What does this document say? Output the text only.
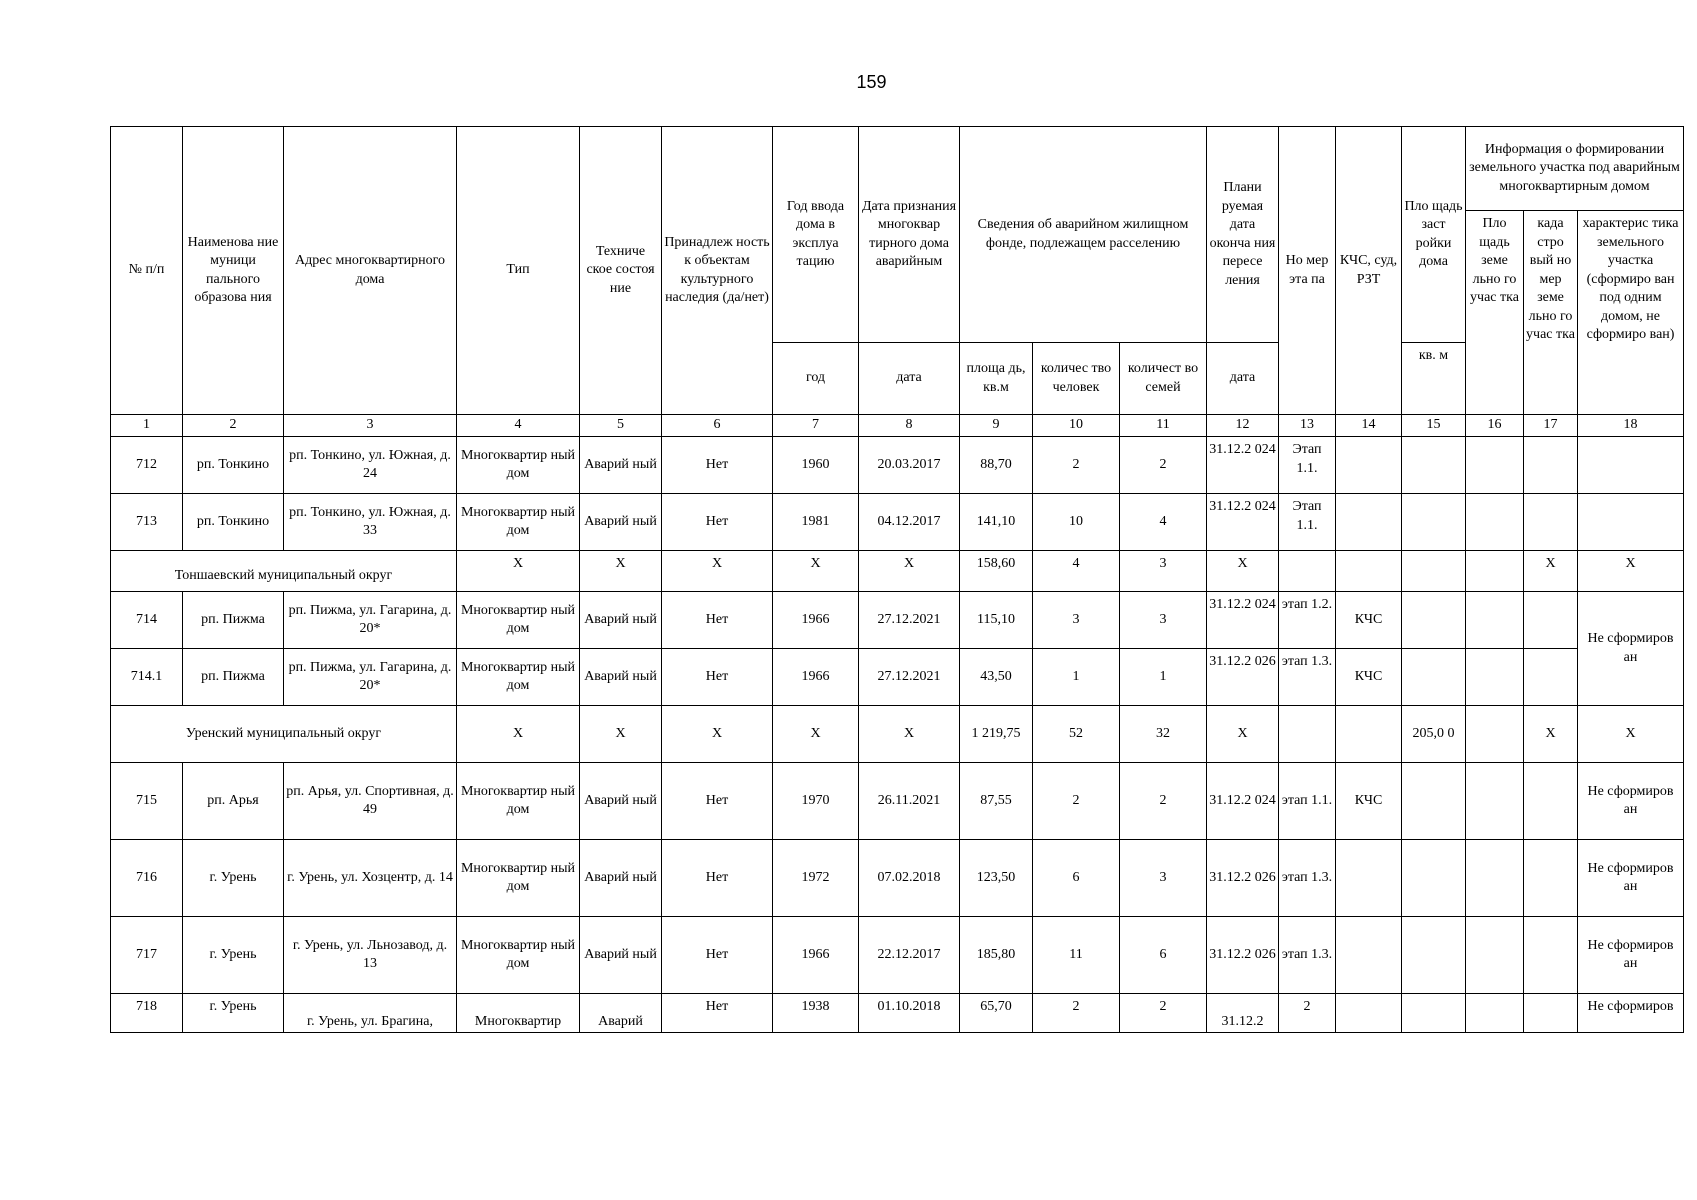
159
№ п/п	Наименова ние муници пального образова ния	Адрес многоквартирного дома	Тип	Техниче ское состоя ние	Принадлеж ность к объектам культурного наследия (да/нет)	Год ввода дома в эксплуа тацию	Дата признания многоквар тирного дома аварийным	Сведения об аварийном жилищном фонде, подлежащем расселению			Плани руемая дата оконча ния пересе ления	Но мер эта па	КЧС, суд, РЗТ	Пло щадь заст ройки дома	Информация о формировании земельного участка под аварийным многоквартирным домом		
															Пло щадь земе льно го учас тка	када стро вый но мер земе льно го учас тка	характерис тика земельного участка (сформиро ван под одним домом, не сформиро ван)
						год	дата	площа дь, кв.м	количес тво человек	количест во семей	дата			кв. м			
1	2	3	4	5	6	7	8	9	10	11	12	13	14	15	16	17	18
712	рп. Тонкино	рп. Тонкино, ул. Южная, д. 24	Многоквартир ный дом	Аварий ный	Нет	1960	20.03.2017	88,70	2	2	31.12.2 024	Этап 1.1.					
713	рп. Тонкино	рп. Тонкино, ул. Южная, д. 33	Многоквартир ный дом	Аварий ный	Нет	1981	04.12.2017	141,10	10	4	31.12.2 024	Этап 1.1.					
Тоншаевский муниципальный округ			X	X	X	X	X	158,60	4	3	X					X	X
714	рп. Пижма	рп. Пижма, ул. Гагарина, д. 20*	Многоквартир ный дом	Аварий ный	Нет	1966	27.12.2021	115,10	3	3	31.12.2 024	этап 1.2.	КЧС				Не сформиров ан
714.1	рп. Пижма	рп. Пижма, ул. Гагарина, д. 20*	Многоквартир ный дом	Аварий ный	Нет	1966	27.12.2021	43,50	1	1	31.12.2 026	этап 1.3.	КЧС				
Уренский муниципальный округ			X	X	X	X	X	1 219,75	52	32	X			205,0 0		X	X
715	рп. Арья	рп. Арья, ул. Спортивная, д. 49	Многоквартир ный дом	Аварий ный	Нет	1970	26.11.2021	87,55	2	2	31.12.2 024	этап 1.1.	КЧС				Не сформиров ан
716	г. Урень	г. Урень, ул. Хозцентр, д. 14	Многоквартир ный дом	Аварий ный	Нет	1972	07.02.2018	123,50	6	3	31.12.2 026	этап 1.3.					Не сформиров ан
717	г. Урень	г. Урень, ул. Льнозавод, д. 13	Многоквартир ный дом	Аварий ный	Нет	1966	22.12.2017	185,80	11	6	31.12.2 026	этап 1.3.					Не сформиров ан
718	г. Урень	г. Урень, ул. Брагина,	Многоквартир	Аварий	Нет	1938	01.10.2018	65,70	2	2	31.12.2	2					Не сформиров
